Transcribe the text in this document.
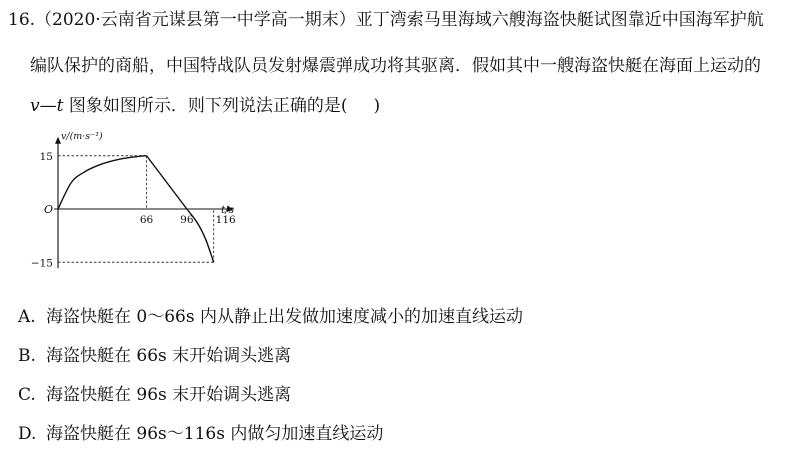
16.（2020·云南省元谋县第一中学高一期末）亚丁湾索马里海域六艘海盗快艇试图靠近中国海军护航
编队保护的商船，中国特战队员发射爆震弹成功将其驱离．假如其中一艘海盗快艇在海面上运动的
v—t 图象如图所示．则下列说法正确的是( )
v/(m·s⁻¹)
t/s
O
66	96 116
15
−15
A. 海盗快艇在 0～66s 内从静止出发做加速度减小的加速直线运动
B. 海盗快艇在 66s 末开始调头逃离
C. 海盗快艇在 96s 末开始调头逃离
D. 海盗快艇在 96s～116s 内做匀加速直线运动
